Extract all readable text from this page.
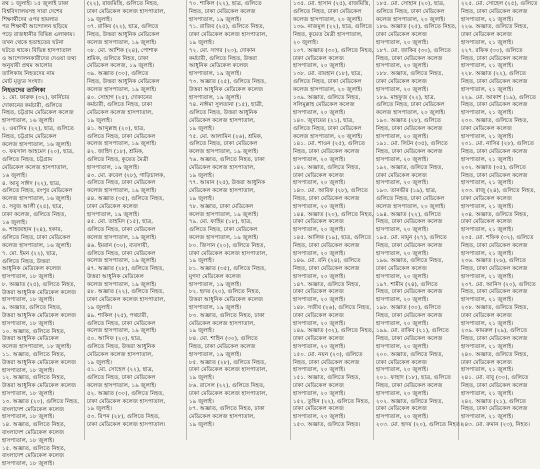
রথ ১ জুলাই। ১৫ জুলাই ঢাকা
বিশ্ববিদ্যালয়সহ সারা দেশের
শিক্ষার্থীদের ওপর হামলার
পর শিক্ষার্থী আন্দোলন ছড়িয়ে
পড়ে রাজধানীর বিভিন্ন এলাকায়।
তখন থেকে হতাহতের ঘটনা
ঘটতে থাকে। বিভিন্ন হাসপাতাল
ও আন্দোলনকারীদের দেওয়া তথ্য
অনুযায়ী প্রথম আলোর
তালিকায় নিহতদের নাম
মোট মৃত্যুর সংখ্যা।
নিহতদের তালিকা
১. মো. ফারুক (৩২), ফার্নিচার
দোকানের কর্মচারী, গুলিতে
নিহত, চট্টগ্রাম মেডিকেল কলেজ
হাসপাতাল, ১৬ জুলাই।
২. ওয়াসিম (২২), ছাত্র, গুলিতে
নিহত, চট্টগ্রাম মেডিকেল
কলেজ হাসপাতাল, ১৬ জুলাই।
৩. ফয়সাল আহমেদ (২০), ছাত্র,
গুলিতে নিহত, চট্টগ্রাম
মেডিকেল কলেজ হাসপাতাল,
১৬ জুলাই।
৪. আবু সাঈদ (২২), ছাত্র,
গুলিতে নিহত, রংপুর মেডিকেল
কলেজ হাসপাতাল, ১৬ জুলাই।
৫. সবুজ আলী (২৫), ছাত্র,
ঢাকা কলেজ, গুলিতে নিহত,
১৬ জুলাই।
৬. শাহজাহান (২৪), হকার,
গুলিতে নিহত, ঢাকা মেডিকেল
কলেজ হাসপাতাল, ১৬ জুলাই।
৭. মো. ইমন (২২), ছাত্র,
গুলিতে নিহত, উত্তরা
আধুনিক মেডিকেল কলেজ
হাসপাতাল, ১৮ জুলাই।
৮. অজ্ঞাত (২৫), গুলিতে নিহত,
উত্তরা আধুনিক মেডিকেল কলেজ
হাসপাতাল, ১৮ জুলাই।
৯. অজ্ঞাত, গুলিতে নিহত,
উত্তরা আধুনিক মেডিকেল কলেজ
হাসপাতাল, ১৮ জুলাই।
১০. অজ্ঞাত, গুলিতে নিহত,
উত্তরা আধুনিক মেডিকেল
কলেজ হাসপাতাল, ১৮ জুলাই।
১১. অজ্ঞাত, গুলিতে নিহত,
উত্তরা আধুনিক মেডিকেল কলেজ
হাসপাতাল, ১৮ জুলাই।
১২. অজ্ঞাত, গুলিতে নিহত,
উত্তরা আধুনিক মেডিকেল কলেজ
হাসপাতাল, ১৮ জুলাই।
১৩. অজ্ঞাত (২০), গুলিতে নিহত,
বাংলাদেশ মেডিকেল কলেজ
হাসপাতাল, ১৮ জুলাই।
১৪. অজ্ঞাত, গুলিতে নিহত,
বাংলাদেশ মেডিকেল কলেজ
হাসপাতাল, ১৮ জুলাই।
১৫. অজ্ঞাত, গুলিতে নিহত,
বাংলাদেশ মেডিকেল কলেজ
হাসপাতাল, ১৮ জুলাই।
(২২), রাজমিস্ত্রি, গুলিতে নিহত,
ঢাকা মেডিকেল কলেজ হাসপাতাল,
১৯ জুলাই।
৩৭. রাকিব (২২), ছাত্র, গুলিতে
নিহত, উত্তরা আধুনিক মেডিকেল
কলেজ হাসপাতাল, ১৯ জুলাই।
৩৮. মো. আশিক (২৪), পোশাক
শ্রমিক, গুলিতে নিহত, ঢাকা
মেডিকেল কলেজ, ১৯ জুলাই।
৩৯. অজ্ঞাত (৩০), গুলিতে
নিহত, উত্তরা আধুনিক মেডিকেল
কলেজ হাসপাতাল, ১৯ জুলাই।
৪০. সোহাগ (২৫), দোকানের
কর্মচারী, গুলিতে নিহত, ঢাকা
মেডিকেল কলেজ হাসপাতাল,
১৯ জুলাই।
৪১. আব্দুল্লাহ (২০), ছাত্র,
গুলিতে নিহত, ঢাকা মেডিকেল
কলেজ হাসপাতাল, ১৯ জুলাই।
৪২. জাহিদ (১৮), শ্রমিক,
গুলিতে নিহত, কুয়েত মৈত্রী
হাসপাতাল, ১৯ জুলাই।
৪৩. মো. রুবেল (২৮), গাড়িচালক,
গুলিতে নিহত, ঢাকা মেডিকেল
কলেজ হাসপাতাল, ১৯ জুলাই।
৪৪. অজ্ঞাত (৩৫), গুলিতে নিহত,
ঢাকা মেডিকেল কলেজ
হাসপাতাল, ১৯ জুলাই।
৪৫. মো. তাহমিদ (১৫), ছাত্র,
গুলিতে নিহত, ঢাকা মেডিকেল
কলেজ হাসপাতাল, ১৯ জুলাই।
৪৬. ইমরান (৩০), ব্যবসায়ী,
গুলিতে নিহত, ঢাকা মেডিকেল
কলেজ হাসপাতাল, ১৯ জুলাই।
৪৭. অজ্ঞাত (২৮), গুলিতে নিহত,
উত্তরা আধুনিক মেডিকেল
কলেজ হাসপাতাল, ১৯ জুলাই।
৪৮. অজ্ঞাত (২২), গুলিতে নিহত,
ঢাকা মেডিকেল কলেজ হাসপাতাল,
১৯ জুলাই।
৪৯. শাকিল (২৫), পথচারী,
গুলিতে নিহত, ঢাকা মেডিকেল
কলেজ হাসপাতাল, ১৯ জুলাই।
৫০. আসিফ (২০), ছাত্র,
গুলিতে নিহত, উত্তরা আধুনিক
মেডিকেল কলেজ হাসপাতাল,
১৯ জুলাই।
৫১. মো. সোহেল (২২), ছাত্র,
গুলিতে নিহত, ঢাকা মেডিকেল
কলেজ হাসপাতাল, ১৯ জুলাই।
৫২. অজ্ঞাত (৩০), গুলিতে নিহত,
ঢাকা মেডিকেল কলেজ হাসপাতাল,
১৯ জুলাই।
৫৩. রিপন (২৮), গুলিতে নিহত,
ঢাকা মেডিকেল কলেজ হাসপাতাল।
৭০. শাকিল (২২), ছাত্র, গুলিতে
নিহত, ঢাকা মেডিকেল কলেজ
হাসপাতাল, ১৯ জুলাই।
৭১. রাজিব (২৫), গুলিতে নিহত,
ঢাকা মেডিকেল কলেজ হাসপাতাল,
১৯ জুলাই।
৭২. মো. সাগর (২৩), দোকান
কর্মচারী, গুলিতে নিহত, উত্তরা
আধুনিক মেডিকেল কলেজ
হাসপাতাল, ১৯ জুলাই।
৭৩. অজ্ঞাত (২৫), গুলিতে নিহত,
উত্তরা আধুনিক মেডিকেল কলেজ
হাসপাতাল, ১৯ জুলাই।
৭৪. নাঈমা সুলতানা (১৫), ছাত্রী,
গুলিতে নিহত, উত্তরা আধুনিক
মেডিকেল কলেজ হাসপাতাল,
১৯ জুলাই।
৭৫. মো. আলামিন (২৬), শ্রমিক,
গুলিতে নিহত, ঢাকা মেডিকেল
কলেজ হাসপাতাল, ১৯ জুলাই।
৭৬. অজ্ঞাত, গুলিতে নিহত, ঢাকা
মেডিকেল কলেজ হাসপাতাল,
১৯ জুলাই।
৭৭. আমান (২৫), উত্তরা আধুনিক
মেডিকেল কলেজ হাসপাতাল,
১৯ জুলাই।
৭৮. অজ্ঞাত, ঢাকা মেডিকেল
কলেজ হাসপাতাল, ১৯ জুলাই।
৭৯. মো. ফাহিম (১৮), ছাত্র,
গুলিতে নিহত, ঢাকা মেডিকেল
কলেজ হাসপাতাল, ১৯ জুলাই।
৮০. জিসান (২০), গুলিতে নিহত,
ঢাকা মেডিকেল কলেজ হাসপাতাল,
১৯ জুলাই।
৮১. অজ্ঞাত (৩৫), গুলিতে নিহত,
মুগদা মেডিকেল কলেজ
হাসপাতাল, ১৯ জুলাই।
৮২. হৃদয় (২০), গুলিতে নিহত,
উত্তরা আধুনিক মেডিকেল কলেজ
হাসপাতাল, ১৯ জুলাই।
৮৩. অজ্ঞাত, গুলিতে নিহত, ঢাকা
মেডিকেল কলেজ হাসপাতাল,
১৯ জুলাই।
৮৪. মো. শাহিন (৩০), গুলিতে
নিহত, ঢাকা মেডিকেল কলেজ
হাসপাতাল, ১৯ জুলাই।
৮৫. অজ্ঞাত (২৮), গুলিতে নিহত,
ঢাকা মেডিকেল কলেজ হাসপাতাল,
১৯ জুলাই।
৮৬. রাসেল (২২), গুলিতে নিহত,
ঢাকা মেডিকেল কলেজ হাসপাতাল,
১৯ জুলাই।
৮৭. অজ্ঞাত, গুলিতে নিহত, ঢাকা
মেডিকেল কলেজ হাসপাতাল,
১৯ জুলাই।
১৩৫. মো. হাসান (২৫), রাজমিস্ত্রি,
গুলিতে নিহত, ঢাকা মেডিকেল
কলেজ হাসপাতাল, ২০ জুলাই।
১৩৬. নাজমুল (২২), ছাত্র, গুলিতে
নিহত, কুয়েত মৈত্রী হাসপাতাল,
২০ জুলাই।
১৩৭. অজ্ঞাত (৩০), গুলিতে নিহত,
ঢাকা মেডিকেল কলেজ
হাসপাতাল, ২০ জুলাই।
১৩৮. মো. রায়হান (১৮), ছাত্র,
গুলিতে নিহত, ঢাকা মেডিকেল
কলেজ হাসপাতাল, ২০ জুলাই।
১৩৯. অজ্ঞাত, গুলিতে নিহত,
সলিমুল্লাহ মেডিকেল কলেজ
হাসপাতাল, ২০ জুলাই।
১৪০. জুবায়ের (২১), ছাত্র,
গুলিতে নিহত, ঢাকা মেডিকেল
কলেজ হাসপাতাল, ২০ জুলাই।
১৪১. মো. শাওন (২৫), গুলিতে
নিহত, ঢাকা মেডিকেল কলেজ
হাসপাতাল, ২০ জুলাই।
১৪২. অজ্ঞাত, গুলিতে নিহত,
ঢাকা মেডিকেল কলেজ
হাসপাতাল, ২০ জুলাই।
১৪৩. মো. আরিফ (২৮), গুলিতে
নিহত, ঢাকা মেডিকেল কলেজ
হাসপাতাল, ২০ জুলাই।
১৪৪. অজ্ঞাত (২০), গুলিতে নিহত,
ঢাকা মেডিকেল কলেজ
হাসপাতাল, ২০ জুলাই।
১৪৫. আলিফ (১৯), ছাত্র, গুলিতে
নিহত, ঢাকা মেডিকেল কলেজ
হাসপাতাল, ২০ জুলাই।
১৪৬. মো. রনি (২৪), গুলিতে
নিহত, ঢাকা মেডিকেল কলেজ
হাসপাতাল, ২০ জুলাই।
১৪৭. অজ্ঞাত, গুলিতে নিহত,
ঢাকা মেডিকেল কলেজ
হাসপাতাল, ২০ জুলাই।
১৪৮. সজীব (২৬), গুলিতে নিহত,
ঢাকা মেডিকেল কলেজ
হাসপাতাল, ২০ জুলাই।
১৪৯. অজ্ঞাত (৩২), গুলিতে নিহত,
ঢাকা মেডিকেল কলেজ
হাসপাতাল, ২০ জুলাই।
১৫০. মো. নয়ন (২৩), গুলিতে
নিহত, ঢাকা মেডিকেল কলেজ
হাসপাতাল, ২০ জুলাই।
১৫১. অজ্ঞাত, গুলিতে নিহত,
ঢাকা মেডিকেল কলেজ
হাসপাতাল, ২০ জুলাই।
১৫২. তুহিন (২২), গুলিতে নিহত,
ঢাকা মেডিকেল কলেজ
হাসপাতাল, ২০ জুলাই।
১৫৩. অজ্ঞাত, গুলিতে নিহত।
১৮৫. মো. সোহান (২০), ছাত্র,
গুলিতে নিহত, ঢাকা মেডিকেল
কলেজ হাসপাতাল, ২০ জুলাই।
১৮৬. অজ্ঞাত (২৫), গুলিতে নিহত,
ঢাকা মেডিকেল কলেজ
হাসপাতাল, ২০ জুলাই।
১৮৭. মো. জাকির (৩০), গুলিতে
নিহত, ঢাকা মেডিকেল কলেজ
হাসপাতাল, ২০ জুলাই।
১৮৮. অজ্ঞাত, গুলিতে নিহত,
ঢাকা মেডিকেল কলেজ
হাসপাতাল, ২০ জুলাই।
১৮৯. মাহফুজ (২২), ছাত্র,
গুলিতে নিহত, ঢাকা মেডিকেল
কলেজ হাসপাতাল, ২০ জুলাই।
১৯০. অজ্ঞাত (২৮), গুলিতে
নিহত, ঢাকা মেডিকেল কলেজ
হাসপাতাল, ২০ জুলাই।
১৯১. মো. লিটন (৩৫), গুলিতে
নিহত, ঢাকা মেডিকেল কলেজ
হাসপাতাল, ২০ জুলাই।
১৯২. অজ্ঞাত, গুলিতে নিহত,
ঢাকা মেডিকেল কলেজ
হাসপাতাল, ২০ জুলাই।
১৯৩. তানভীর (১৯), ছাত্র,
গুলিতে নিহত, ঢাকা মেডিকেল
কলেজ হাসপাতাল, ২০ জুলাই।
১৯৪. অজ্ঞাত (২২), গুলিতে
নিহত, ঢাকা মেডিকেল কলেজ
হাসপাতাল, ২০ জুলাই।
১৯৫. মো. মামুন (২৭), গুলিতে
নিহত, ঢাকা মেডিকেল কলেজ
হাসপাতাল, ২০ জুলাই।
১৯৬. অজ্ঞাত, গুলিতে নিহত,
ঢাকা মেডিকেল কলেজ
হাসপাতাল, ২০ জুলাই।
১৯৭. শামীম (২৪), গুলিতে
নিহত, ঢাকা মেডিকেল কলেজ
হাসপাতাল, ২০ জুলাই।
১৯৮. অজ্ঞাত (৩০), গুলিতে
নিহত, ঢাকা মেডিকেল কলেজ
হাসপাতাল, ২০ জুলাই।
১৯৯. মো. রাকিব (২১), গুলিতে
নিহত, ঢাকা মেডিকেল কলেজ
হাসপাতাল, ২০ জুলাই।
২০০. অজ্ঞাত, গুলিতে নিহত,
ঢাকা মেডিকেল কলেজ
হাসপাতাল, ২০ জুলাই।
২০১. ফাহাদ (১৮), ছাত্র, গুলিতে
নিহত, ঢাকা মেডিকেল কলেজ
হাসপাতাল, ২০ জুলাই।
২০২. অজ্ঞাত, গুলিতে নিহত,
ঢাকা মেডিকেল কলেজ
হাসপাতাল, ২০ জুলাই।
২০৩. মো. হৃদয় (২০), গুলিতে নিহত।
২২৫. মো. সোহেল (২৫), গুলিতে
নিহত, ঢাকা মেডিকেল কলেজ
হাসপাতাল, ২১ জুলাই।
২২৬. অজ্ঞাত, গুলিতে নিহত,
ঢাকা মেডিকেল কলেজ
হাসপাতাল, ২১ জুলাই।
২২৭. রফিক (৩০), গুলিতে
নিহত, ঢাকা মেডিকেল কলেজ
হাসপাতাল, ২১ জুলাই।
২২৮. অজ্ঞাত (২২), গুলিতে
নিহত, ঢাকা মেডিকেল কলেজ
হাসপাতাল, ২১ জুলাই।
২২৯. মো. আকাশ (১৯), গুলিতে
নিহত, ঢাকা মেডিকেল কলেজ
হাসপাতাল, ২১ জুলাই।
২৩০. অজ্ঞাত, গুলিতে নিহত,
ঢাকা মেডিকেল কলেজ
হাসপাতাল, ২১ জুলাই।
২৩১. মো. নাসির (২৮), গুলিতে
নিহত, ঢাকা মেডিকেল কলেজ
হাসপাতাল, ২১ জুলাই।
২৩২. অজ্ঞাত (৩৫), গুলিতে
নিহত, ঢাকা মেডিকেল কলেজ
হাসপাতাল, ২১ জুলাই।
২৩৩. রাজু (২৪), গুলিতে নিহত,
ঢাকা মেডিকেল কলেজ
হাসপাতাল, ২১ জুলাই।
২৩৪. অজ্ঞাত, গুলিতে নিহত,
ঢাকা মেডিকেল কলেজ
হাসপাতাল, ২১ জুলাই।
২৩৫. মো. শফিক (৩২), গুলিতে
নিহত, ঢাকা মেডিকেল কলেজ
হাসপাতাল, ২১ জুলাই।
২৩৬. অজ্ঞাত (২৬), গুলিতে
নিহত, ঢাকা মেডিকেল কলেজ
হাসপাতাল, ২১ জুলাই।
২৩৭. মো. আনিস (২০), গুলিতে
নিহত, ঢাকা মেডিকেল কলেজ
হাসপাতাল, ২১ জুলাই।
২৩৮. অজ্ঞাত, গুলিতে নিহত,
ঢাকা মেডিকেল কলেজ
হাসপাতাল, ২১ জুলাই।
২৩৯. কামরুল (২৯), গুলিতে
নিহত, ঢাকা মেডিকেল কলেজ
হাসপাতাল, ২১ জুলাই।
২৪০. অজ্ঞাত, গুলিতে নিহত,
ঢাকা মেডিকেল কলেজ
হাসপাতাল, ২১ জুলাই।
২৪১. মো. বাবু (৩০), গুলিতে
নিহত, ঢাকা মেডিকেল কলেজ
হাসপাতাল, ২১ জুলাই।
২৪২. অজ্ঞাত (২১), গুলিতে
নিহত, ঢাকা মেডিকেল কলেজ
হাসপাতাল, ২১ জুলাই।
২৪৩. মো. রুমান (২৩), নিহত।
